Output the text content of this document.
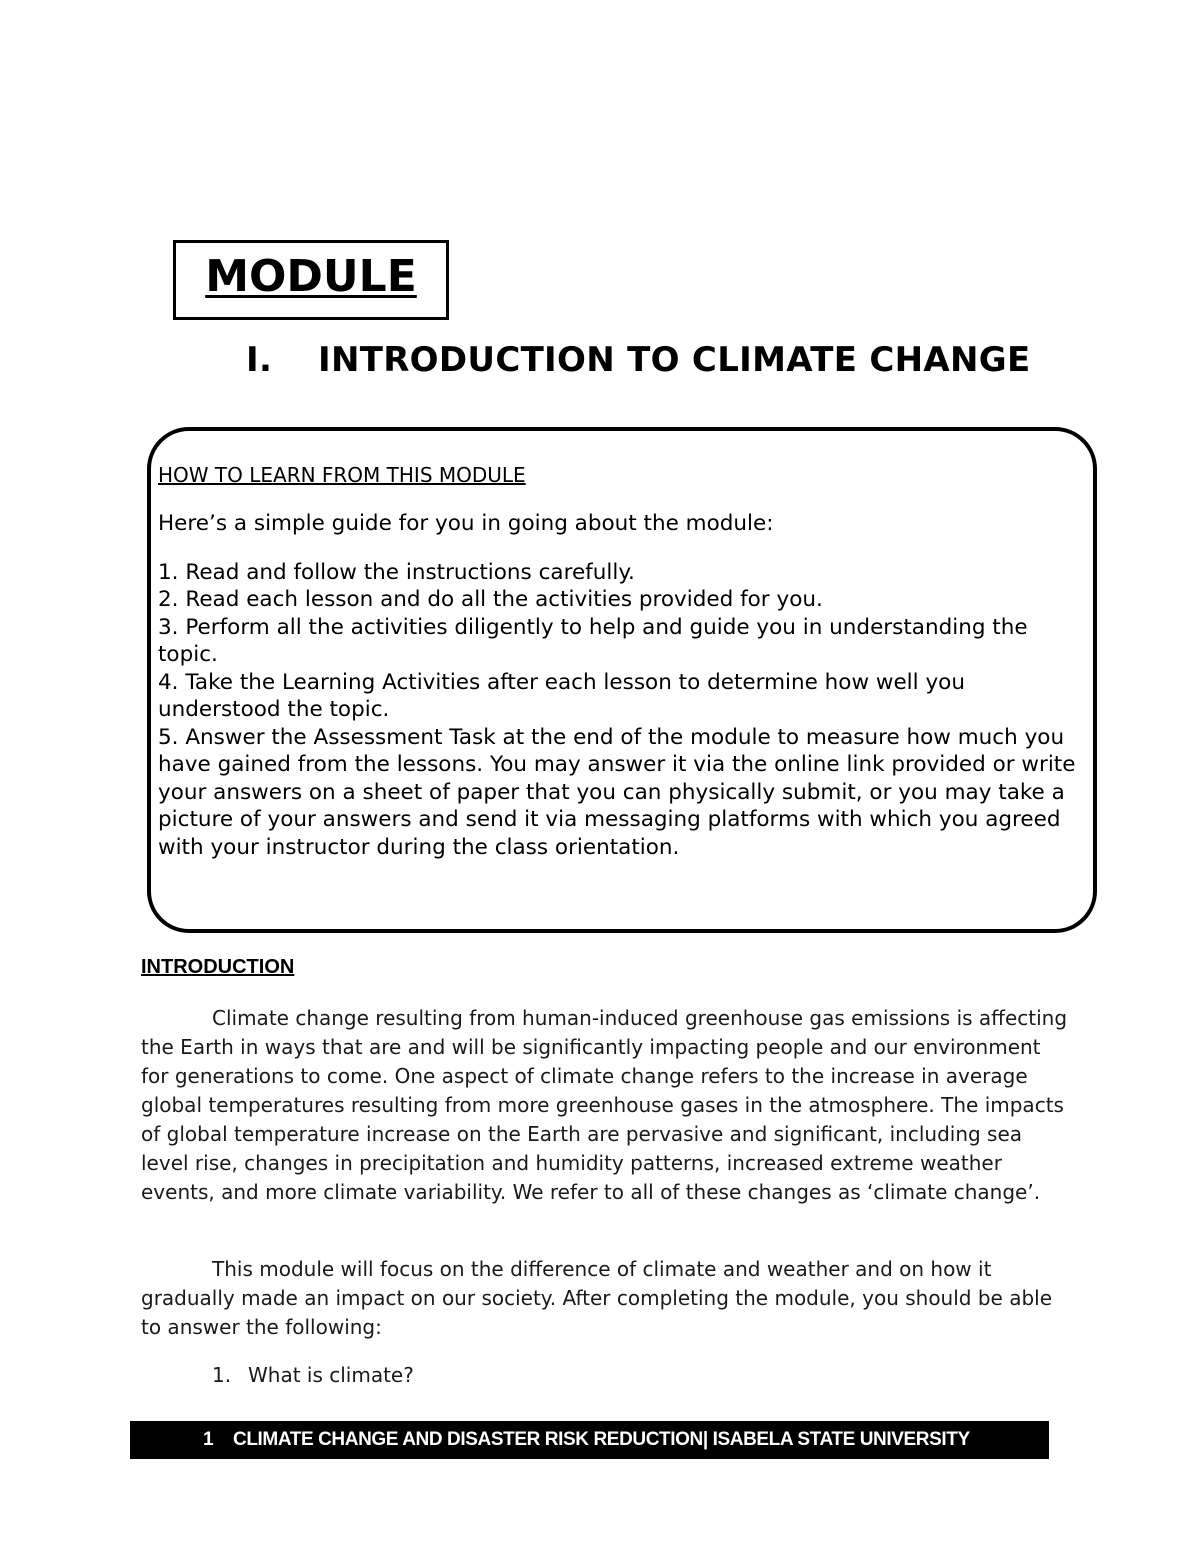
MODULE
I. INTRODUCTION TO CLIMATE CHANGE
HOW TO LEARN FROM THIS MODULE
Here’s a simple guide for you in going about the module:
1. Read and follow the instructions carefully.
2. Read each lesson and do all the activities provided for you.
3. Perform all the activities diligently to help and guide you in understanding the topic.
4. Take the Learning Activities after each lesson to determine how well you understood the topic.
5. Answer the Assessment Task at the end of the module to measure how much you have gained from the lessons. You may answer it via the online link provided or write your answers on a sheet of paper that you can physically submit, or you may take a picture of your answers and send it via messaging platforms with which you agreed with your instructor during the class orientation.
INTRODUCTION

Climate change resulting from human-induced greenhouse gas emissions is affecting the Earth in ways that are and will be significantly impacting people and our environment for generations to come. One aspect of climate change refers to the increase in average global temperatures resulting from more greenhouse gases in the atmosphere. The impacts of global temperature increase on the Earth are pervasive and significant, including sea level rise, changes in precipitation and humidity patterns, increased extreme weather events, and more climate variability. We refer to all of these changes as ‘climate change’.

This module will focus on the difference of climate and weather and on how it gradually made an impact on our society. After completing the module, you should be able to answer the following:

1. What is climate?
1	CLIMATE CHANGE AND DISASTER RISK REDUCTION| ISABELA STATE UNIVERSITY
